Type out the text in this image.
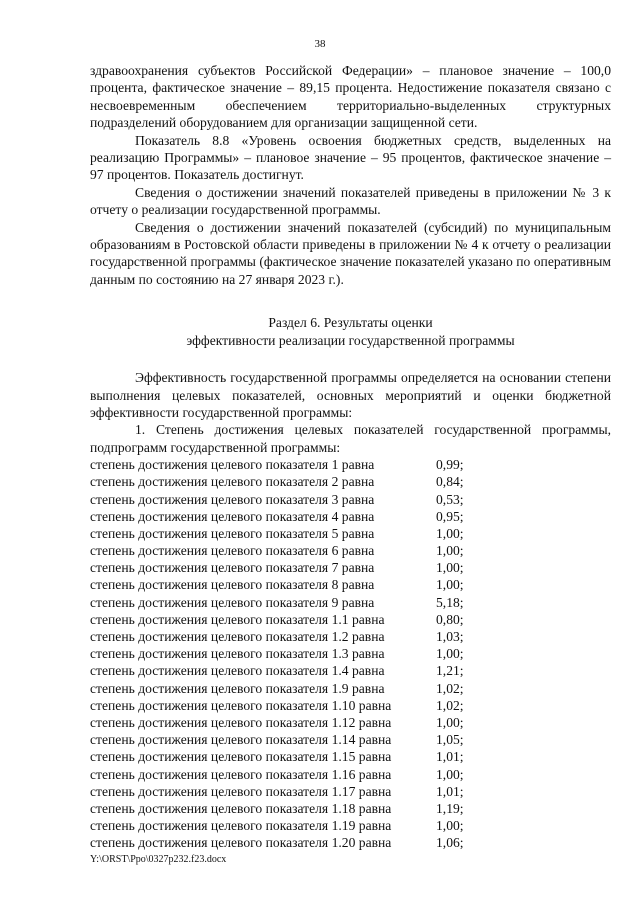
38

здравоохранения субъектов Российской Федерации» – плановое значение – 100,0 процента, фактическое значение – 89,15 процента. Недостижение показателя связано с несвоевременным обеспечением территориально-выделенных структурных подразделений оборудованием для организации защищенной сети.

Показатель 8.8 «Уровень освоения бюджетных средств, выделенных на реализацию Программы» – плановое значение – 95 процентов, фактическое значение – 97 процентов. Показатель достигнут.

Сведения о достижении значений показателей приведены в приложении № 3 к отчету о реализации государственной программы.

Сведения о достижении значений показателей (субсидий) по муниципальным образованиям в Ростовской области приведены в приложении № 4 к отчету о реализации государственной программы (фактическое значение показателей указано по оперативным данным по состоянию на 27 января 2023 г.).

Раздел 6. Результаты оценки
эффективности реализации государственной программы

Эффективность государственной программы определяется на основании степени выполнения целевых показателей, основных мероприятий и оценки бюджетной эффективности государственной программы:

1. Степень достижения целевых показателей государственной программы, подпрограмм государственной программы:

степень достижения целевого показателя 1 равна	0,99;
степень достижения целевого показателя 2 равна	0,84;
степень достижения целевого показателя 3 равна	0,53;
степень достижения целевого показателя 4 равна	0,95;
степень достижения целевого показателя 5 равна	1,00;
степень достижения целевого показателя 6 равна	1,00;
степень достижения целевого показателя 7 равна	1,00;
степень достижения целевого показателя 8 равна	1,00;
степень достижения целевого показателя 9 равна	5,18;
степень достижения целевого показателя 1.1 равна	0,80;
степень достижения целевого показателя 1.2 равна	1,03;
степень достижения целевого показателя 1.3 равна	1,00;
степень достижения целевого показателя 1.4 равна	1,21;
степень достижения целевого показателя 1.9 равна	1,02;
степень достижения целевого показателя 1.10 равна	1,02;
степень достижения целевого показателя 1.12 равна	1,00;
степень достижения целевого показателя 1.14 равна	1,05;
степень достижения целевого показателя 1.15 равна	1,01;
степень достижения целевого показателя 1.16 равна	1,00;
степень достижения целевого показателя 1.17 равна	1,01;
степень достижения целевого показателя 1.18 равна	1,19;
степень достижения целевого показателя 1.19 равна	1,00;
степень достижения целевого показателя 1.20 равна	1,06;
Y:\ORST\Ppo\0327p232.f23.docx
